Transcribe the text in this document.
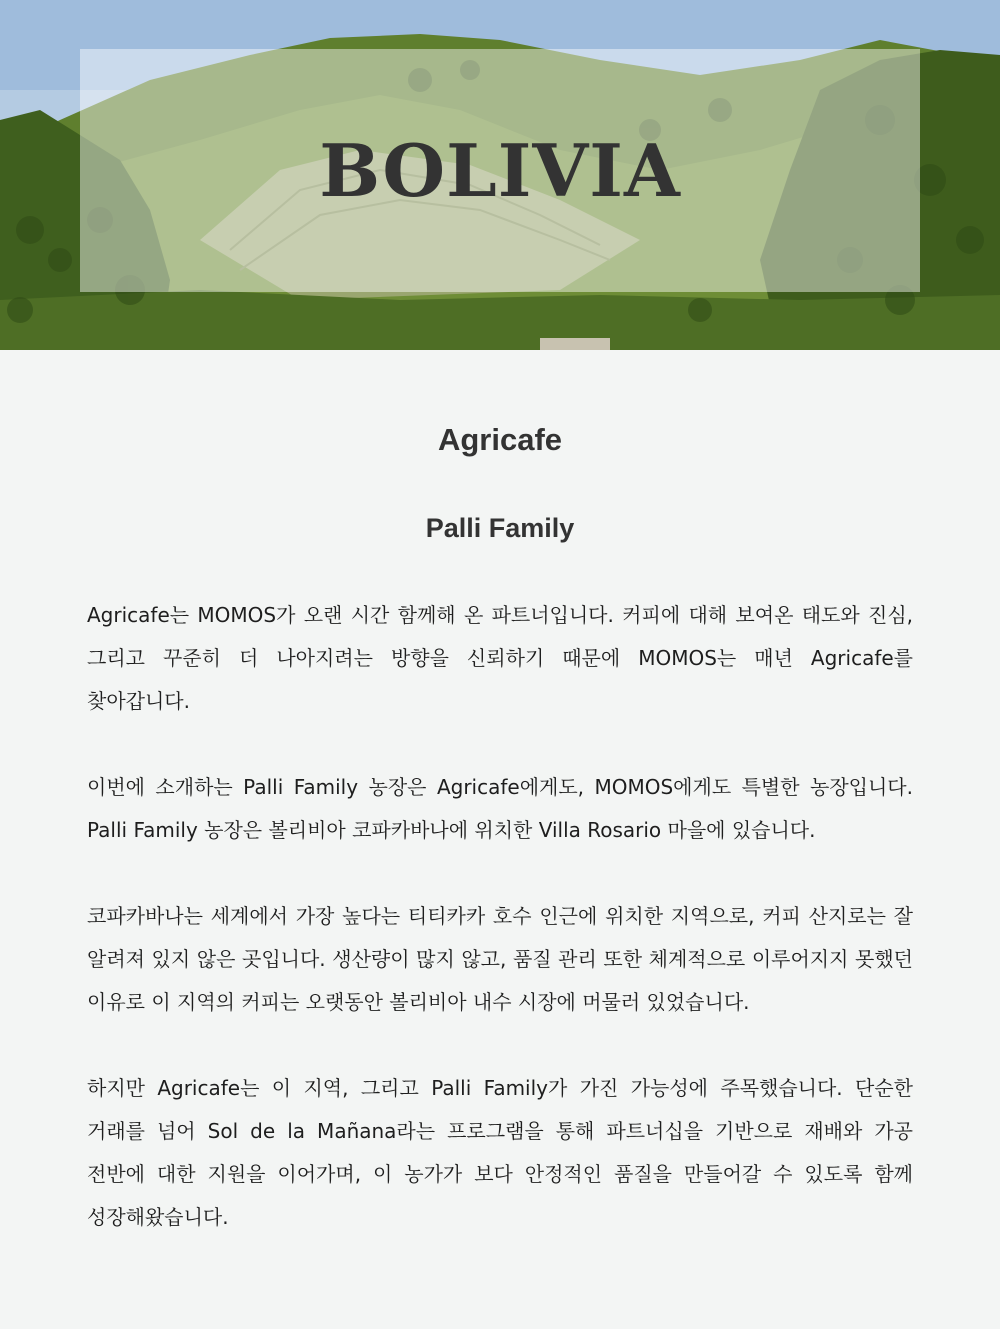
BOLIVIA
Agricafe
Palli Family

Agricafe는 MOMOS가 오랜 시간 함께해 온 파트너입니다. 커피에 대해 보여온 태도와 진심, 그리고 꾸준히 더 나아지려는 방향을 신뢰하기 때문에 MOMOS는 매년 Agricafe를 찾아갑니다.

이번에 소개하는 Palli Family 농장은 Agricafe에게도, MOMOS에게도 특별한 농장입니다. Palli Family 농장은 볼리비아 코파카바나에 위치한 Villa Rosario 마을에 있습니다.

코파카바나는 세계에서 가장 높다는 티티카카 호수 인근에 위치한 지역으로, 커피 산지로는 잘 알려져 있지 않은 곳입니다. 생산량이 많지 않고, 품질 관리 또한 체계적으로 이루어지지 못했던 이유로 이 지역의 커피는 오랫동안 볼리비아 내수 시장에 머물러 있었습니다.

하지만 Agricafe는 이 지역, 그리고 Palli Family가 가진 가능성에 주목했습니다. 단순한 거래를 넘어 Sol de la Mañana라는 프로그램을 통해 파트너십을 기반으로 재배와 가공 전반에 대한 지원을 이어가며, 이 농가가 보다 안정적인 품질을 만들어갈 수 있도록 함께 성장해왔습니다.
